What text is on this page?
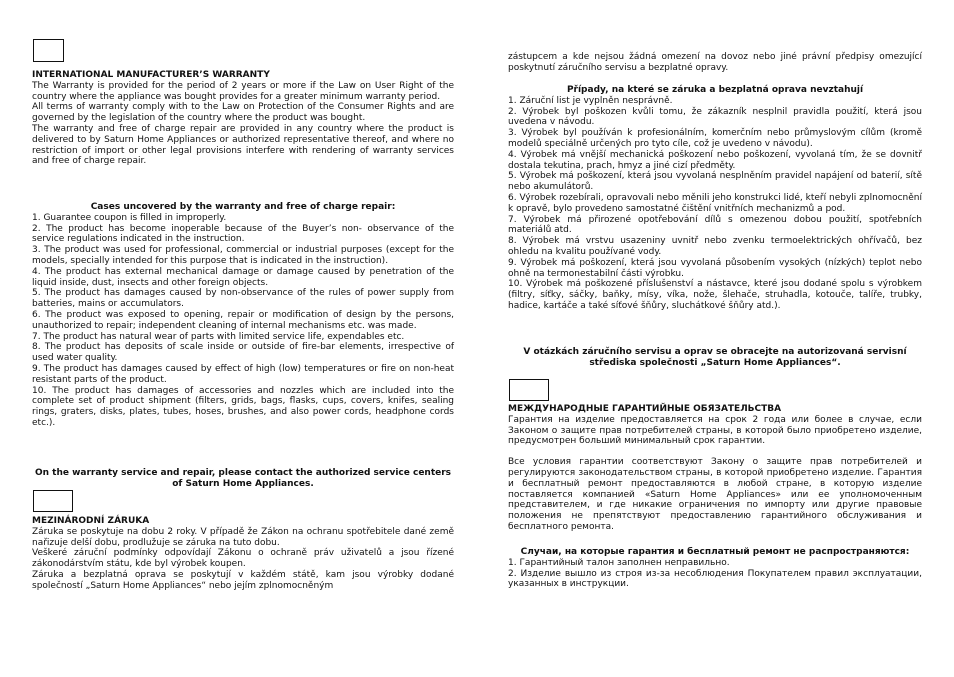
INTERNATIONAL MANUFACTURER’S WARRANTY

The Warranty is provided for the period of 2 years or more if the Law on User Right of the country where the appliance was bought provides for a greater minimum warranty period.

All terms of warranty comply with to the Law on Protection of the Consumer Rights and are governed by the legislation of the country where the product was bought.

The warranty and free of charge repair are provided in any country where the product is delivered to by Saturn Home Appliances or authorized representative thereof, and where no restriction of import or other legal provisions interfere with rendering of warranty services and free of charge repair.

Cases uncovered by the warranty and free of charge repair:

1. Guarantee coupon is filled in improperly.

2. The product has become inoperable because of the Buyer’s non- observance of the service regulations indicated in the instruction.

3. The product was used for professional, commercial or industrial purposes (except for the models, specially intended for this purpose that is indicated in the instruction).

4. The product has external mechanical damage or damage caused by penetration of the liquid inside, dust, insects and other foreign objects.

5. The product has damages caused by non-observance of the rules of power supply from batteries, mains or accumulators.

6. The product was exposed to opening, repair or modification of design by the persons, unauthorized to repair; independent cleaning of internal mechanisms etc. was made.

7. The product has natural wear of parts with limited service life, expendables etc.

8. The product has deposits of scale inside or outside of fire-bar elements, irrespective of used water quality.

9. The product has damages caused by effect of high (low) temperatures or fire on non-heat resistant parts of the product.

10. The product has damages of accessories and nozzles which are included into the complete set of product shipment (filters, grids, bags, flasks, cups, covers, knifes, sealing rings, graters, disks, plates, tubes, hoses, brushes, and also power cords, headphone cords etc.).

On the warranty service and repair, please contact the authorized service centers of Saturn Home Appliances.

MEZINÁRODNÍ ZÁRUKA

Záruka se poskytuje na dobu 2 roky. V případě že Zákon na ochranu spotřebitele dané země nařizuje delší dobu, prodlužuje se záruka na tuto dobu.

Veškeré záruční podmínky odpovídají Zákonu o ochraně práv uživatelů a jsou řízené zákonodárstvím státu, kde byl výrobek koupen.

Záruka a bezplatná oprava se poskytují v každém státě, kam jsou výrobky dodané společností „Saturn Home Appliances“ nebo jejím zplnomocněným

zástupcem a kde nejsou žádná omezení na dovoz nebo jiné právní předpisy omezující poskytnutí záručního servisu a bezplatné opravy.

Případy, na které se záruka a bezplatná oprava nevztahují

1. Záruční list je vyplněn nesprávně.

2. Výrobek byl poškozen kvůli tomu, že zákazník nesplnil pravidla použití, která jsou uvedena v návodu.

3. Výrobek byl používán k profesionálním, komerčním nebo průmyslovým cílům (kromě modelů speciálně určených pro tyto cíle, což je uvedeno v návodu).

4. Výrobek má vnější mechanická poškození nebo poškození, vyvolaná tím, že se dovnitř dostala tekutina, prach, hmyz a jiné cizí předměty.

5. Výrobek má poškození, která jsou vyvolaná nesplněním pravidel napájení od baterií, sítě nebo akumulátorů.

6. Výrobek rozebírali, opravovali nebo měnili jeho konstrukci lidé, kteří nebyli zplnomocnění k opravě, bylo provedeno samostatné čištění vnitřních mechanizmů a pod.

7. Výrobek má přirozené opotřebování dílů s omezenou dobou použití, spotřebních materiálů atd.

8. Výrobek má vrstvu usazeniny uvnitř nebo zvenku termoelektrických ohřívačů, bez ohledu na kvalitu používané vody.

9. Výrobek má poškození, která jsou vyvolaná působením vysokých (nízkých) teplot nebo ohně na termonestabilní části výrobku.

10. Výrobek má poškozené příslušenství a nástavce, které jsou dodané spolu s výrobkem (filtry, síťky, sáčky, baňky, mísy, víka, nože, šlehače, struhadla, kotoučе, talíře, trubky, hadice, kartáče a také síťové šňůry, sluchátkové šňůry atd.).

V otázkách záručního servisu a oprav se obracejte na autorizovaná servisní střediska společnosti „Saturn Home Appliances“.

МЕЖДУНАРОДНЫЕ ГАРАНТИЙНЫЕ ОБЯЗАТЕЛЬСТВА

Гарантия на изделие предоставляется на срок 2 года или более в случае, если Законом о защите прав потребителей страны, в которой было приобретено изделие, предусмотрен больший минимальный срок гарантии.

Все условия гарантии соответствуют Закону о защите прав потребителей и регулируются законодательством страны, в которой приобретено изделие. Гарантия и бесплатный ремонт предоставляются в любой стране, в которую изделие поставляется компанией «Saturn Home Appliances» или ее уполномоченным представителем, и где никакие ограничения по импорту или другие правовые положения не препятствуют предоставлению гарантийного обслуживания и бесплатного ремонта.

Случаи, на которые гарантия и бесплатный ремонт не распространяются:

1. Гарантийный талон заполнен неправильно.

2. Изделие вышло из строя из-за несоблюдения Покупателем правил эксплуатации, указанных в инструкции.
